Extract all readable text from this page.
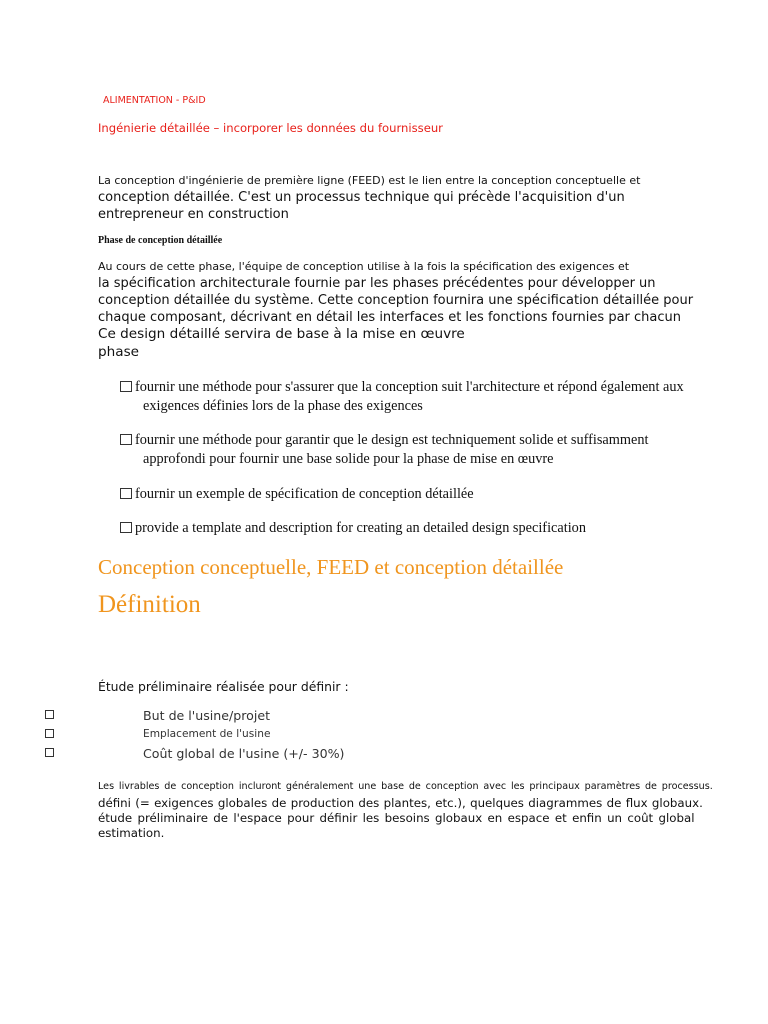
ALIMENTATION - P&ID
Ingénierie détaillée – incorporer les données du fournisseur
La conception d'ingénierie de première ligne (FEED) est le lien entre la conception conceptuelle et
conception détaillée. C'est un processus technique qui précède l'acquisition d'un
entrepreneur en construction
Phase de conception détaillée
Au cours de cette phase, l'équipe de conception utilise à la fois la spécification des exigences et
la spécification architecturale fournie par les phases précédentes pour développer un
conception détaillée du système. Cette conception fournira une spécification détaillée pour
chaque composant, décrivant en détail les interfaces et les fonctions fournies par chacun
Ce design détaillé servira de base à la mise en œuvre
phase
fournir une méthode pour s'assurer que la conception suit l'architecture et répond également aux
exigences définies lors de la phase des exigences
fournir une méthode pour garantir que le design est techniquement solide et suffisamment
approfondi pour fournir une base solide pour la phase de mise en œuvre
fournir un exemple de spécification de conception détaillée
provide a template and description for creating an detailed design specification
Conception conceptuelle, FEED et conception détaillée
Définition
Étude préliminaire réalisée pour définir :
But de l'usine/projet
Emplacement de l'usine
Coût global de l'usine (+/- 30%)
Les livrables de conception incluront généralement une base de conception avec les principaux paramètres de processus.
défini (= exigences globales de production des plantes, etc.), quelques diagrammes de flux globaux.
étude préliminaire de l'espace pour définir les besoins globaux en espace et enfin un coût global
estimation.
